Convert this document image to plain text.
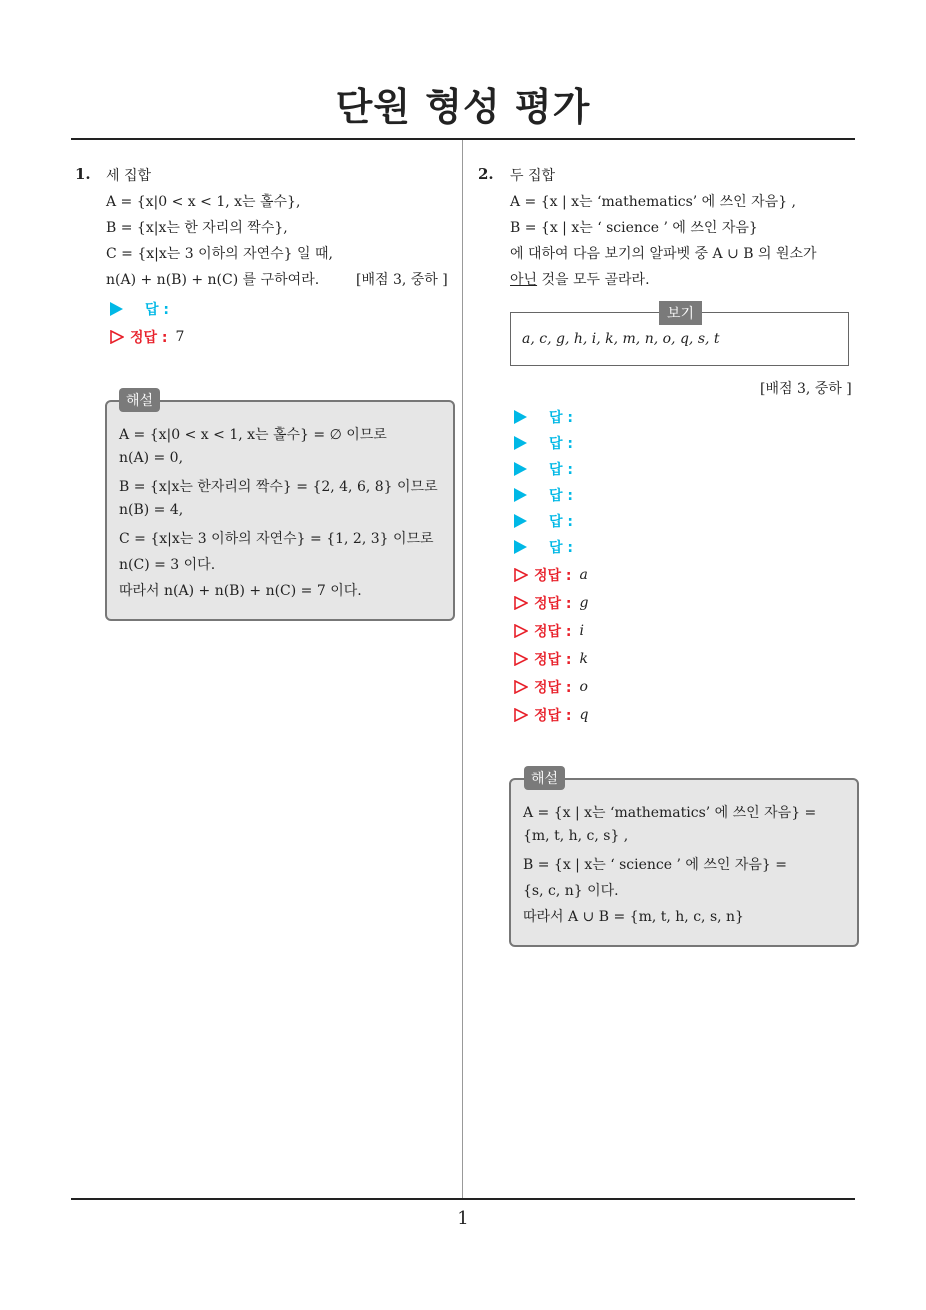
단원 형성 평가
1. 세 집합
A = {x|0 < x < 1, x는 홀수},
B = {x|x는 한 자리의 짝수},
C = {x|x는 3 이하의 자연수} 일 때,
n(A) + n(B) + n(C) 를 구하여라.	[배점 3, 중하 ]
답 :
정답 : 7
A = {x|0 < x < 1, x는 홀수} = ∅ 이므로
n(A) = 0,
B = {x|x는 한자리의 짝수} = {2, 4, 6, 8} 이므로
n(B) = 4,
C = {x|x는 3 이하의 자연수} = {1, 2, 3} 이므로
n(C) = 3 이다.
따라서 n(A) + n(B) + n(C) = 7 이다.
해설
2. 두 집합
A = {x | x는 ‘mathematics’ 에 쓰인 자음} ,
B = {x | x는 ‘ science ’ 에 쓰인 자음}
에 대하여 다음 보기의 알파벳 중 A ∪ B 의 원소가
아닌 것을 모두 골라라.
a, c, g, h, i, k, m, n, o, q, s, t
보기
[배점 3, 중하 ]
답 :
답 :
답 :
답 :
답 :
답 :
정답 : a
정답 : g
정답 : i
정답 : k
정답 : o
정답 : q
A = {x | x는 ‘mathematics’ 에 쓰인 자음} =
{m, t, h, c, s} ,
B = {x | x는 ‘ science ’ 에 쓰인 자음} =
{s, c, n} 이다.
따라서 A ∪ B = {m, t, h, c, s, n}
해설
1
